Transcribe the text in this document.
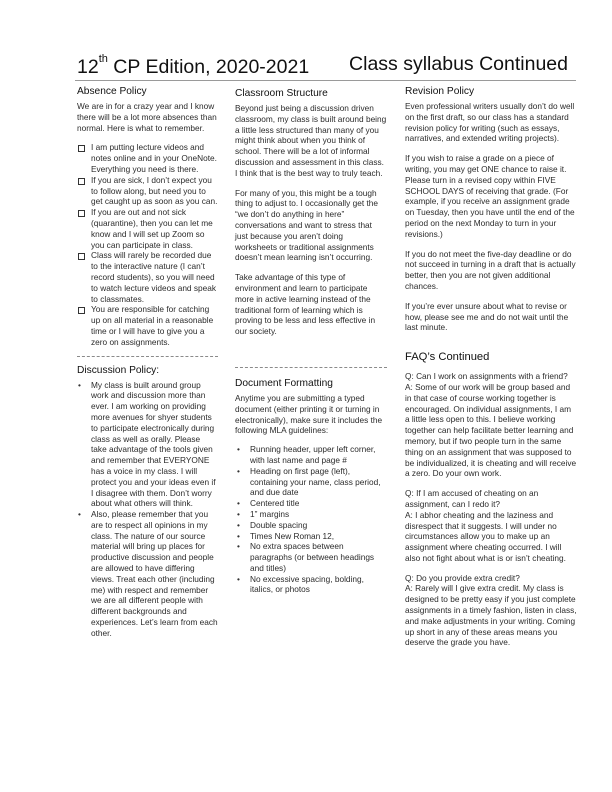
12th CP Edition, 2020-2021 Class syllabus Continued
Absence Policy

We are in for a crazy year and I know there will be a lot more absences than normal. Here is what to remember.

I am putting lecture videos and notes online and in your OneNote. Everything you need is there.
If you are sick, I don’t expect you to follow along, but need you to get caught up as soon as you can.
If you are out and not sick (quarantine), then you can let me know and I will set up Zoom so you can participate in class.
Class will rarely be recorded due to the interactive nature (I can’t record students), so you will need to watch lecture videos and speak to classmates.
You are responsible for catching up on all material in a reasonable time or I will have to give you a zero on assignments.
Discussion Policy:
• My class is built around group work and discussion more than ever. I am working on providing more avenues for shyer students to participate electronically during class as well as orally. Please take advantage of the tools given and remember that EVERYONE has a voice in my class. I will protect you and your ideas even if I disagree with them. Don’t worry about what others will think.
• Also, please remember that you are to respect all opinions in my class. The nature of our source material will bring up places for productive discussion and people are allowed to have differing views. Treat each other (including me) with respect and remember we are all different people with different backgrounds and experiences. Let’s learn from each other.
Classroom Structure

Beyond just being a discussion driven classroom, my class is built around being a little less structured than many of you might think about when you think of school. There will be a lot of informal discussion and assessment in this class. I think that is the best way to truly teach.

For many of you, this might be a tough thing to adjust to. I occasionally get the “we don’t do anything in here” conversations and want to stress that just because you aren’t doing worksheets or traditional assignments doesn’t mean learning isn’t occurring.

Take advantage of this type of environment and learn to participate more in active learning instead of the traditional form of learning which is proving to be less and less effective in our society.

Document Formatting

Anytime you are submitting a typed document (either printing it or turning in electronically), make sure it includes the following MLA guidelines:

• Running header, upper left corner, with last name and page #
• Heading on first page (left), containing your name, class period, and due date
• Centered title
• 1” margins
• Double spacing
• Times New Roman 12,
• No extra spaces between paragraphs (or between headings and titles)
• No excessive spacing, bolding, italics, or photos
Revision Policy

Even professional writers usually don’t do well on the first draft, so our class has a standard revision policy for writing (such as essays, narratives, and extended writing projects).

If you wish to raise a grade on a piece of writing, you may get ONE chance to raise it. Please turn in a revised copy within FIVE SCHOOL DAYS of receiving that grade. (For example, if you receive an assignment grade on Tuesday, then you have until the end of the period on the next Monday to turn in your revisions.)

If you do not meet the five-day deadline or do not succeed in turning in a draft that is actually better, then you are not given additional chances.

If you’re ever unsure about what to revise or how, please see me and do not wait until the last minute.

FAQ’s Continued

Q: Can I work on assignments with a friend?
A: Some of our work will be group based and in that case of course working together is encouraged. On individual assignments, I am a little less open to this. I believe working together can help facilitate better learning and memory, but if two people turn in the same thing on an assignment that was supposed to be individualized, it is cheating and will receive a zero. Do your own work.

Q: If I am accused of cheating on an assignment, can I redo it?
A: I abhor cheating and the laziness and disrespect that it suggests. I will under no circumstances allow you to make up an assignment where cheating occurred. I will also not fight about what is or isn’t cheating.

Q: Do you provide extra credit?
A: Rarely will I give extra credit. My class is designed to be pretty easy if you just complete assignments in a timely fashion, listen in class, and make adjustments in your writing. Coming up short in any of these areas means you deserve the grade you have.
